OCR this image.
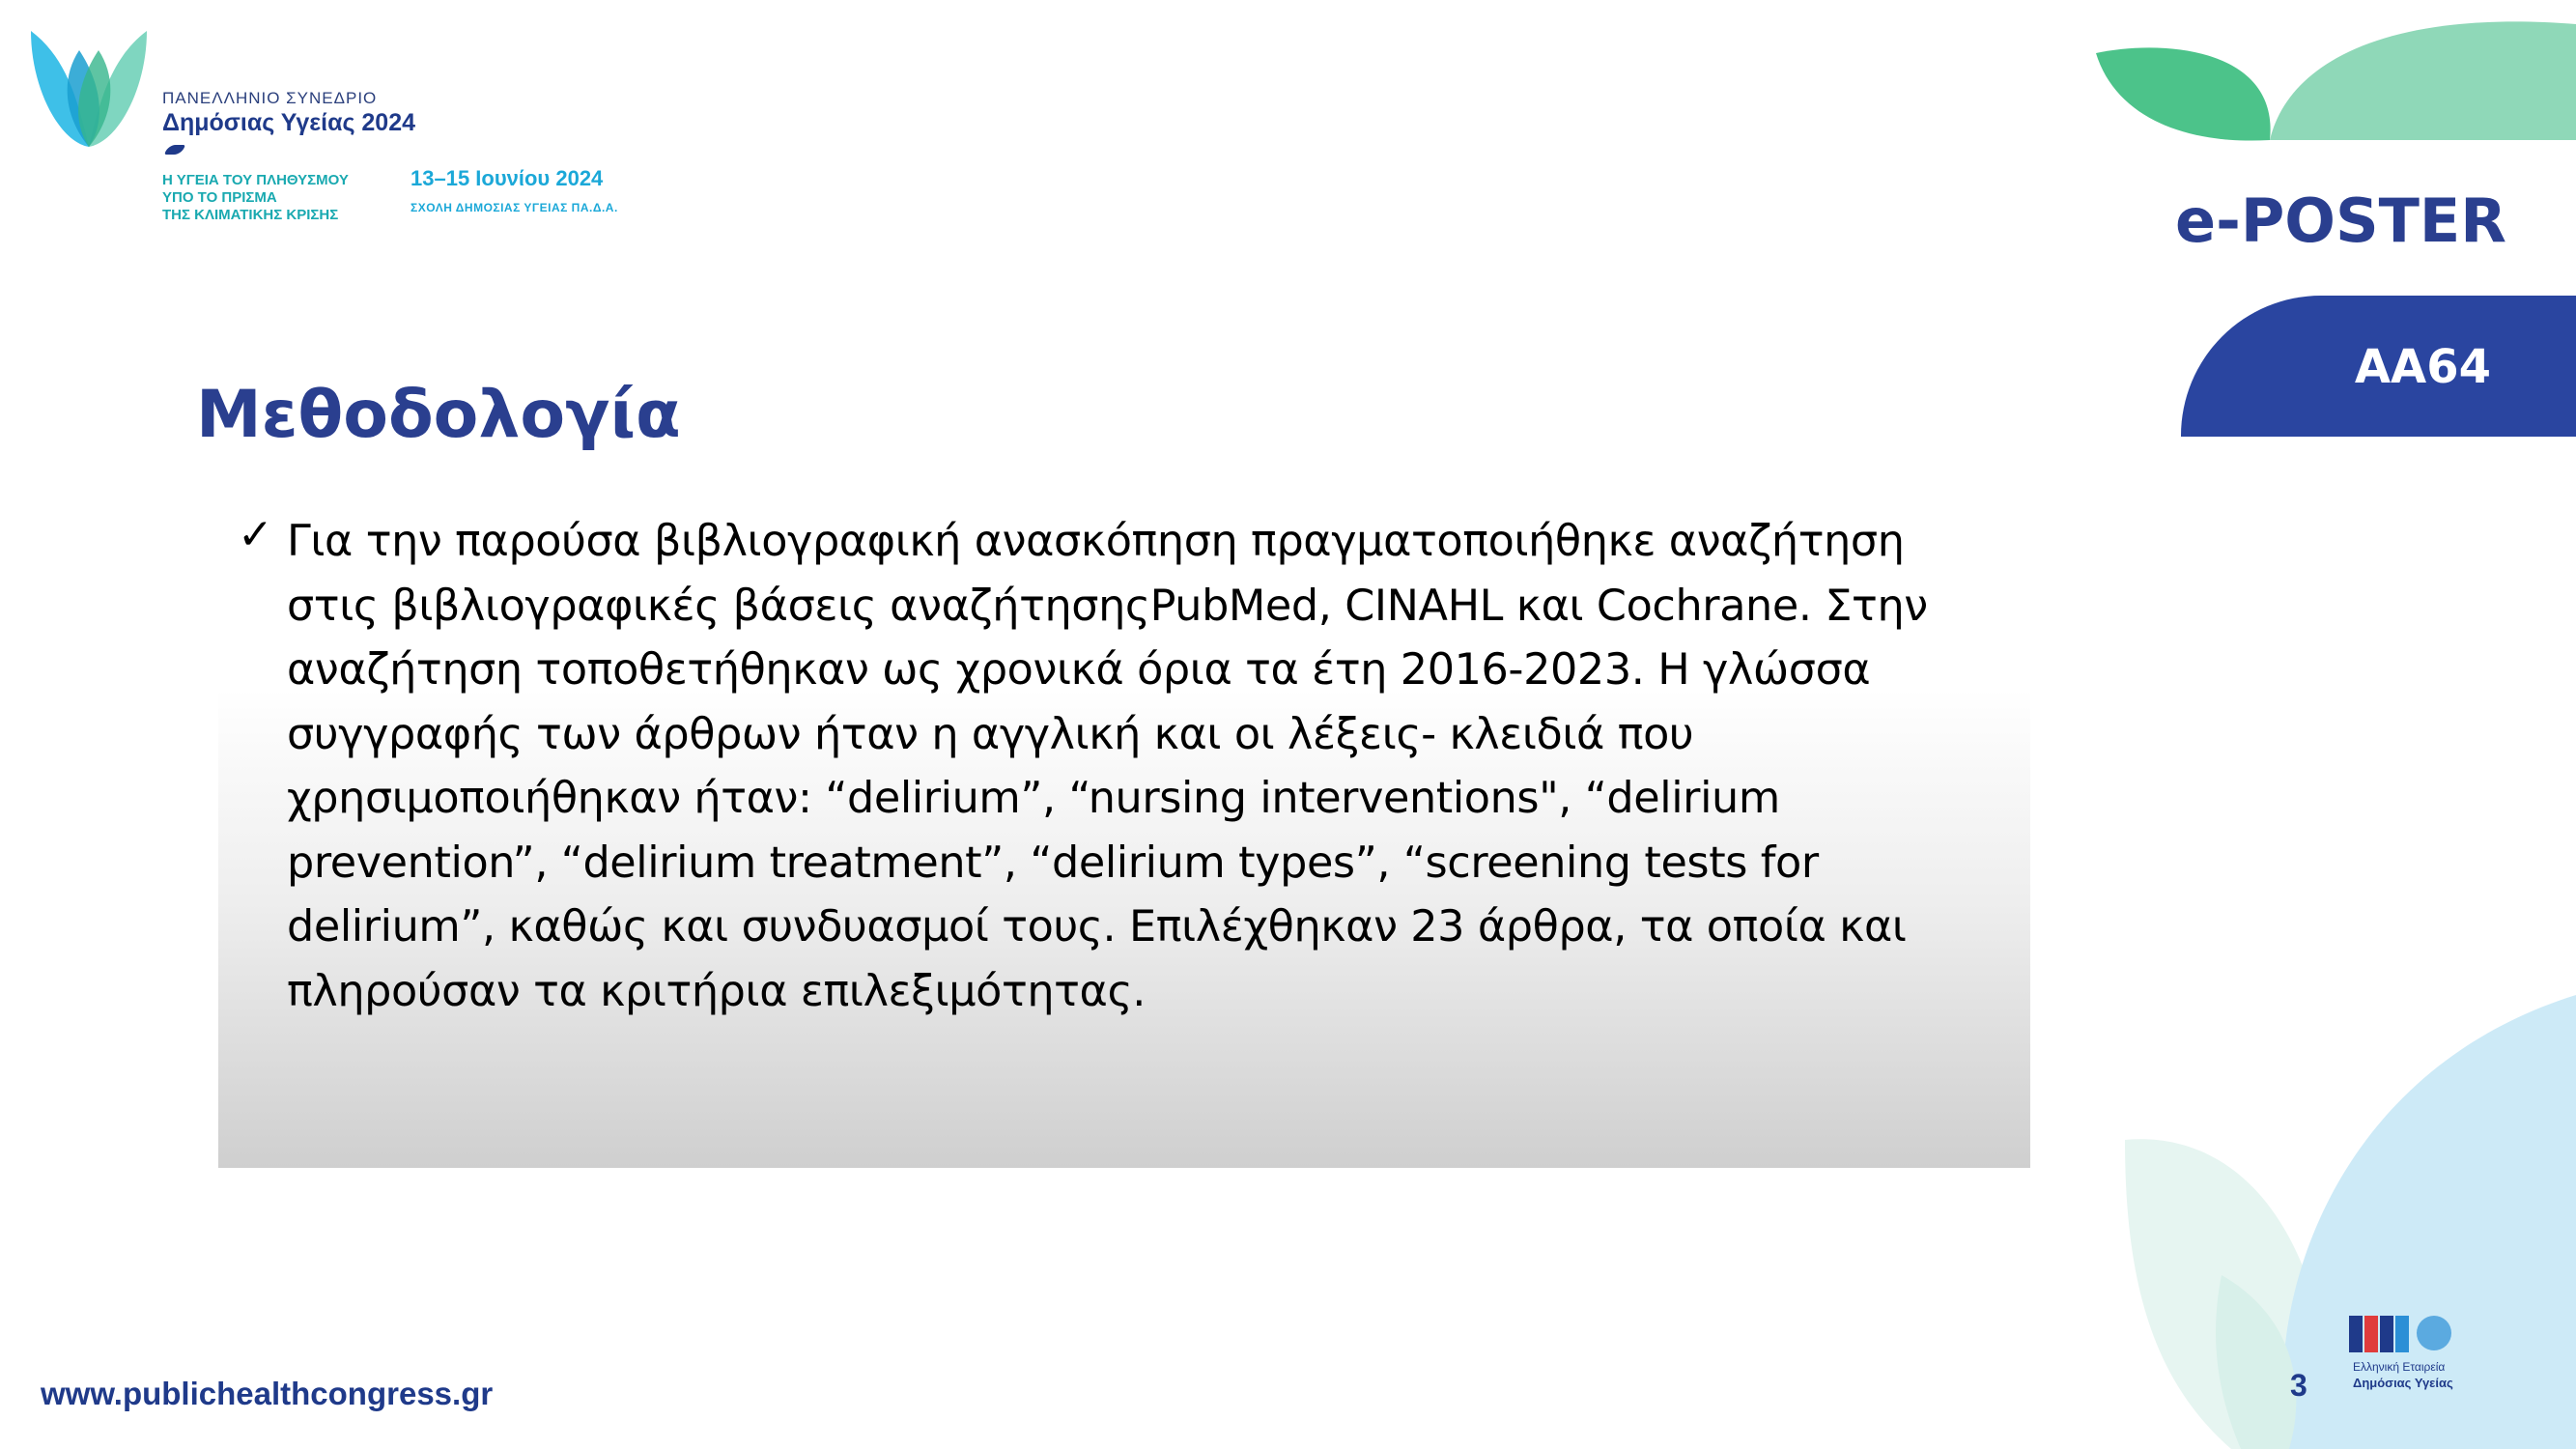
ΠΑΝΕΛΛΗΝΙΟ ΣΥΝΕΔΡΙΟ
Δημόσιας Υγείας 2024
Η ΥΓΕΙΑ ΤΟΥ ΠΛΗΘΥΣΜΟΥ
ΥΠΟ ΤΟ ΠΡΙΣΜΑ
ΤΗΣ ΚΛΙΜΑΤΙΚΗΣ ΚΡΙΣΗΣ
13–15 Ιουνίου 2024
ΣΧΟΛΗ ΔΗΜΟΣΙΑΣ ΥΓΕΙΑΣ ΠΑ.Δ.Α.	e-POSTER
ΑΑ64
Μεθοδολογία
✓ Για την παρούσα βιβλιογραφική ανασκόπηση πραγματοποιήθηκε αναζήτηση
στις βιβλιογραφικές βάσεις αναζήτησηςPubMed, CINAHL και Cochrane. Στην
αναζήτηση τοποθετήθηκαν ως χρονικά όρια τα έτη 2016-2023. Η γλώσσα
συγγραφής των άρθρων ήταν η αγγλική και οι λέξεις- κλειδιά που
χρησιμοποιήθηκαν ήταν: “delirium”, “nursing interventions", “delirium
prevention”, “delirium treatment”, “delirium types”, “screening tests for
delirium”, καθώς και συνδυασμοί τους. Επιλέχθηκαν 23 άρθρα, τα οποία και
πληρούσαν τα κριτήρια επιλεξιμότητας.
www.publichealthcongress.gr	3
Ελληνική Εταιρεία
Δημόσιας Υγείας
